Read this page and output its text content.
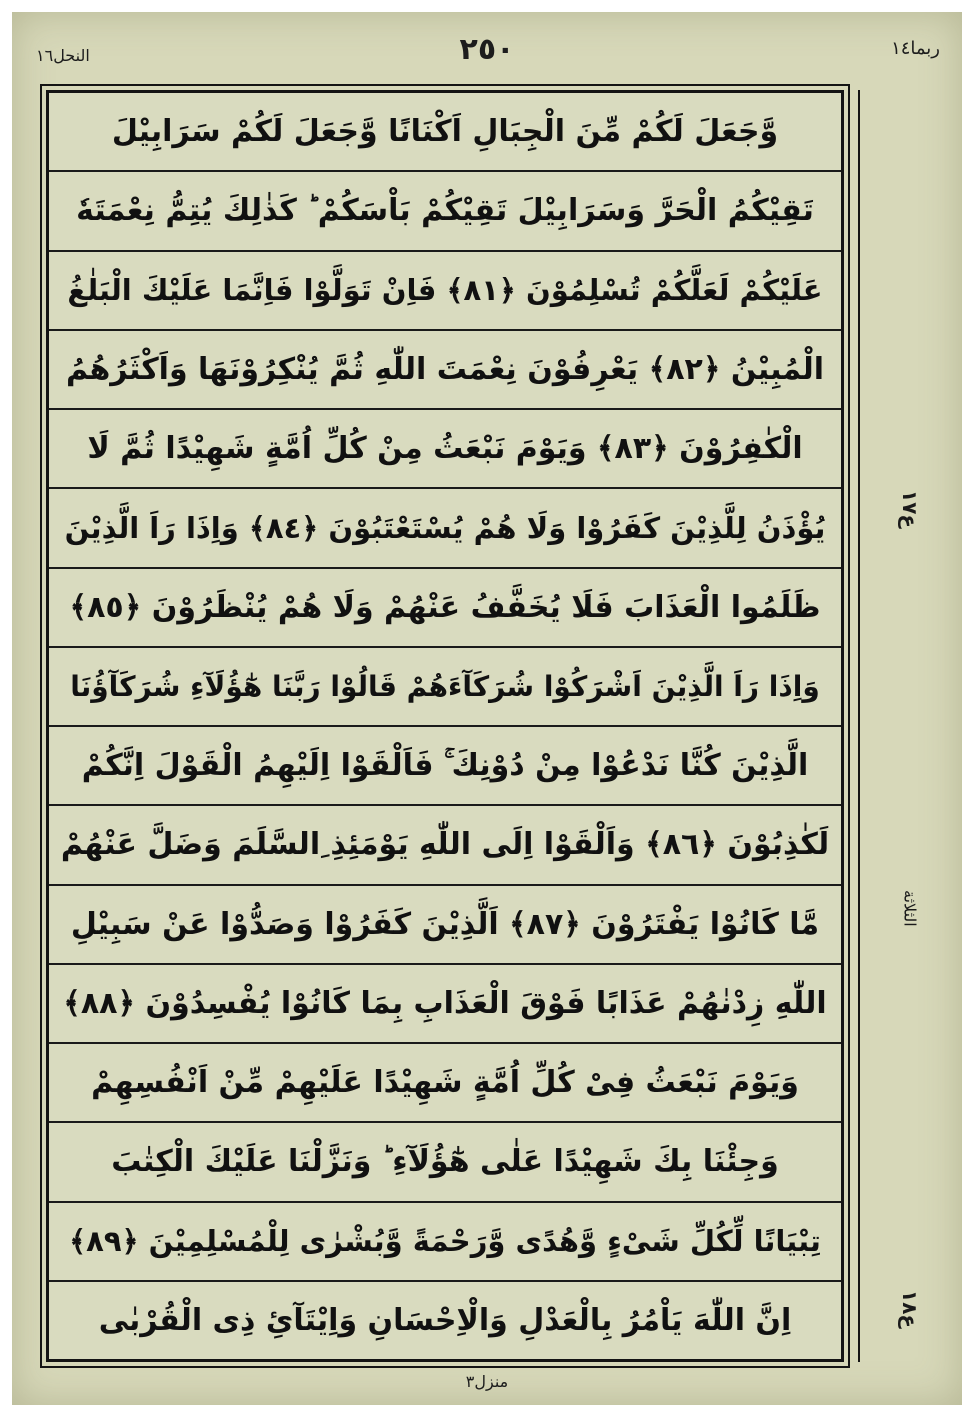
ربما١٤
٢٥٠
النحل١٦
وَّجَعَلَ لَكُمْ مِّنَ الْجِبَالِ اَكْنَانًا وَّجَعَلَ لَكُمْ سَرَابِيْلَ
تَقِيْكُمُ الْحَرَّ وَسَرَابِيْلَ تَقِيْكُمْ بَاْسَكُمْ ؕ كَذٰلِكَ يُتِمُّ نِعْمَتَهٗ
عَلَيْكُمْ لَعَلَّكُمْ تُسْلِمُوْنَ ﴿٨١﴾ فَاِنْ تَوَلَّوْا فَاِنَّمَا عَلَيْكَ الْبَلٰغُ
الْمُبِيْنُ ﴿٨٢﴾ يَعْرِفُوْنَ نِعْمَتَ اللّٰهِ ثُمَّ يُنْكِرُوْنَهَا وَاَكْثَرُهُمُ
الْكٰفِرُوْنَ ﴿٨٣﴾ وَيَوْمَ نَبْعَثُ مِنْ كُلِّ اُمَّةٍ شَهِيْدًا ثُمَّ لَا
يُؤْذَنُ لِلَّذِيْنَ كَفَرُوْا وَلَا هُمْ يُسْتَعْتَبُوْنَ ﴿٨٤﴾ وَاِذَا رَاَ الَّذِيْنَ
ظَلَمُوا الْعَذَابَ فَلَا يُخَفَّفُ عَنْهُمْ وَلَا هُمْ يُنْظَرُوْنَ ﴿٨٥﴾
وَاِذَا رَاَ الَّذِيْنَ اَشْرَكُوْا شُرَكَآءَهُمْ قَالُوْا رَبَّنَا هٰٓؤُلَآءِ شُرَكَآؤُنَا
الَّذِيْنَ كُنَّا نَدْعُوْا مِنْ دُوْنِكَ ۚ فَاَلْقَوْا اِلَيْهِمُ الْقَوْلَ اِنَّكُمْ
لَكٰذِبُوْنَ ﴿٨٦﴾ وَاَلْقَوْا اِلَى اللّٰهِ يَوْمَئِذِ ِالسَّلَمَ وَضَلَّ عَنْهُمْ
مَّا كَانُوْا يَفْتَرُوْنَ ﴿٨٧﴾ اَلَّذِيْنَ كَفَرُوْا وَصَدُّوْا عَنْ سَبِيْلِ
اللّٰهِ زِدْنٰهُمْ عَذَابًا فَوْقَ الْعَذَابِ بِمَا كَانُوْا يُفْسِدُوْنَ ﴿٨٨﴾
وَيَوْمَ نَبْعَثُ فِىْ كُلِّ اُمَّةٍ شَهِيْدًا عَلَيْهِمْ مِّنْ اَنْفُسِهِمْ
وَجِئْنَا بِكَ شَهِيْدًا عَلٰى هٰٓؤُلَآءِ ؕ وَنَزَّلْنَا عَلَيْكَ الْكِتٰبَ
تِبْيَانًا لِّكُلِّ شَىْءٍ وَّهُدًى وَّرَحْمَةً وَّبُشْرٰى لِلْمُسْلِمِيْنَ ﴿٨٩﴾
اِنَّ اللّٰهَ يَاْمُرُ بِالْعَدْلِ وَالْاِحْسَانِ وَاِيْتَآئِ ذِى الْقُرْبٰى
ع١٧
الثلاثة
ع١٨
منزل٣
